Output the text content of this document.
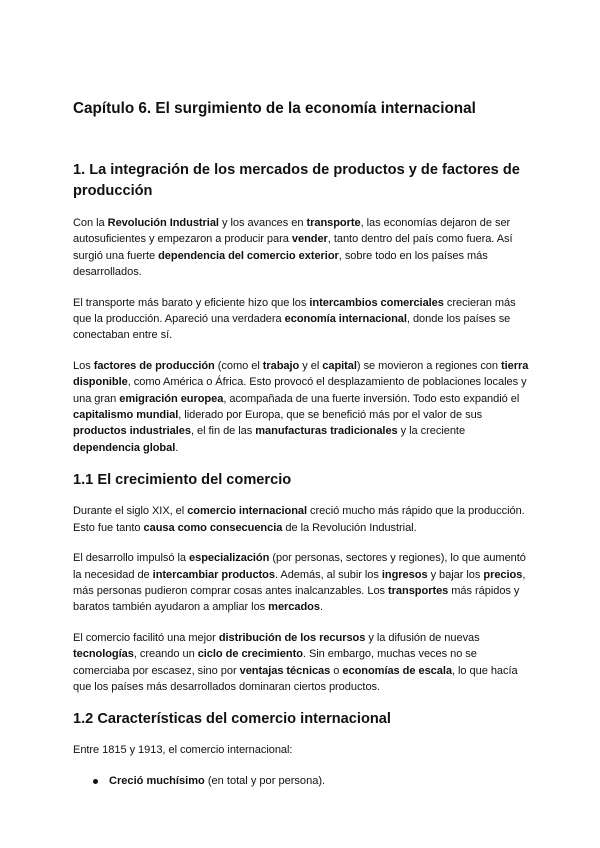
Capítulo 6. El surgimiento de la economía internacional
1. La integración de los mercados de productos y de factores de producción

Con la Revolución Industrial y los avances en transporte, las economías dejaron de ser autosuficientes y empezaron a producir para vender, tanto dentro del país como fuera. Así surgió una fuerte dependencia del comercio exterior, sobre todo en los países más desarrollados.

El transporte más barato y eficiente hizo que los intercambios comerciales crecieran más que la producción. Apareció una verdadera economía internacional, donde los países se conectaban entre sí.

Los factores de producción (como el trabajo y el capital) se movieron a regiones con tierra disponible, como América o África. Esto provocó el desplazamiento de poblaciones locales y una gran emigración europea, acompañada de una fuerte inversión. Todo esto expandió el capitalismo mundial, liderado por Europa, que se benefició más por el valor de sus productos industriales, el fin de las manufacturas tradicionales y la creciente dependencia global.

1.1 El crecimiento del comercio

Durante el siglo XIX, el comercio internacional creció mucho más rápido que la producción. Esto fue tanto causa como consecuencia de la Revolución Industrial.

El desarrollo impulsó la especialización (por personas, sectores y regiones), lo que aumentó la necesidad de intercambiar productos. Además, al subir los ingresos y bajar los precios, más personas pudieron comprar cosas antes inalcanzables. Los transportes más rápidos y baratos también ayudaron a ampliar los mercados.

El comercio facilitó una mejor distribución de los recursos y la difusión de nuevas tecnologías, creando un ciclo de crecimiento. Sin embargo, muchas veces no se comerciaba por escasez, sino por ventajas técnicas o economías de escala, lo que hacía que los países más desarrollados dominaran ciertos productos.

1.2 Características del comercio internacional

Entre 1815 y 1913, el comercio internacional:

Creció muchísimo (en total y por persona).
